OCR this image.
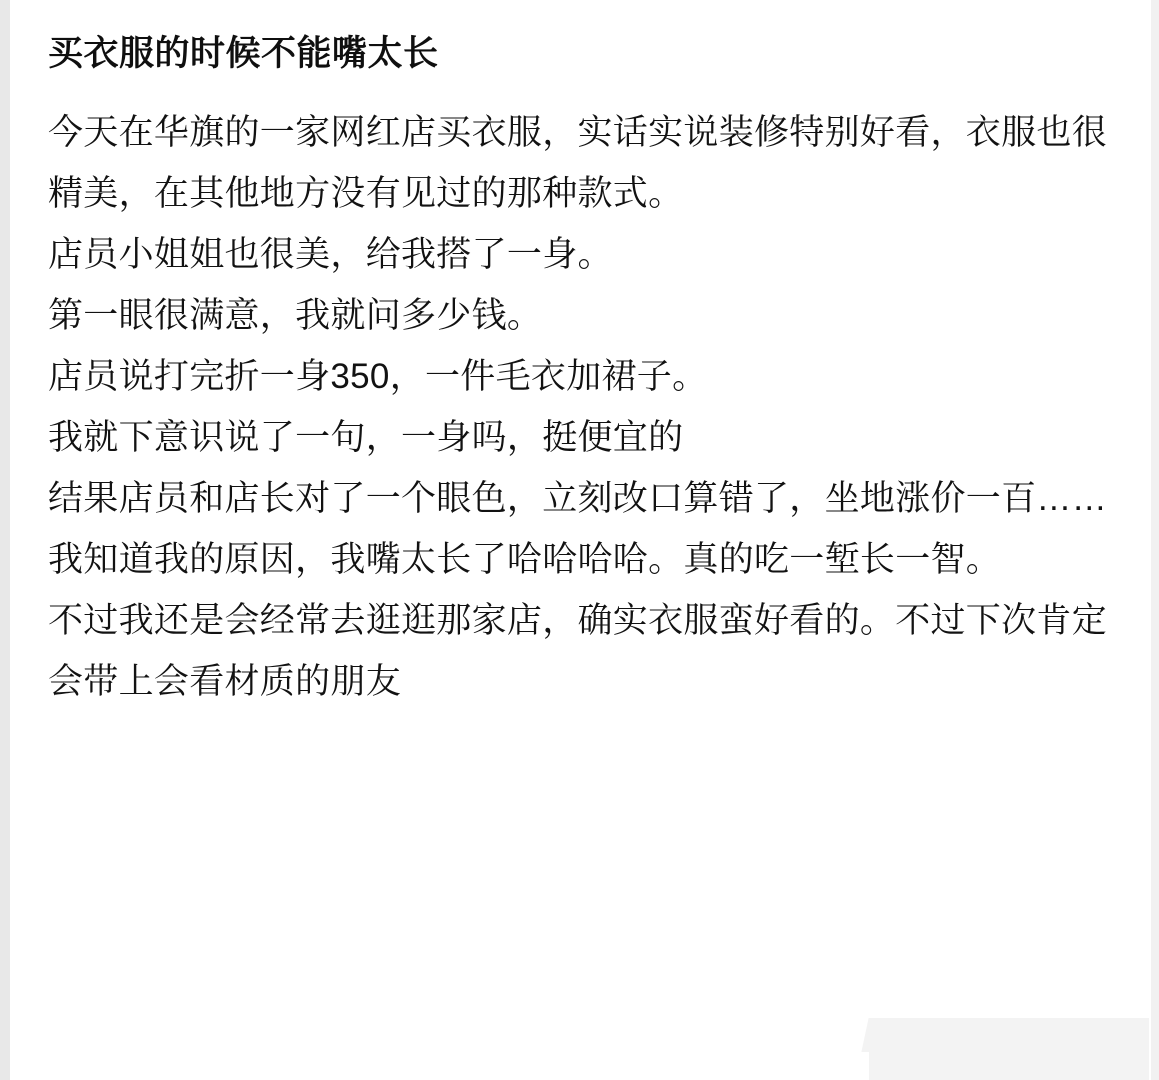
买衣服的时候不能嘴太长

今天在华旗的一家网红店买衣服，实话实说装修特别好看，衣服也很精美，在其他地方没有见过的那种款式。

店员小姐姐也很美，给我搭了一身。

第一眼很满意，我就问多少钱。

店员说打完折一身350，一件毛衣加裙子。

我就下意识说了一句，一身吗，挺便宜的

结果店员和店长对了一个眼色，立刻改口算错了，坐地涨价一百……

我知道我的原因，我嘴太长了哈哈哈哈。真的吃一堑长一智。

不过我还是会经常去逛逛那家店，确实衣服蛮好看的。不过下次肯定会带上会看材质的朋友
